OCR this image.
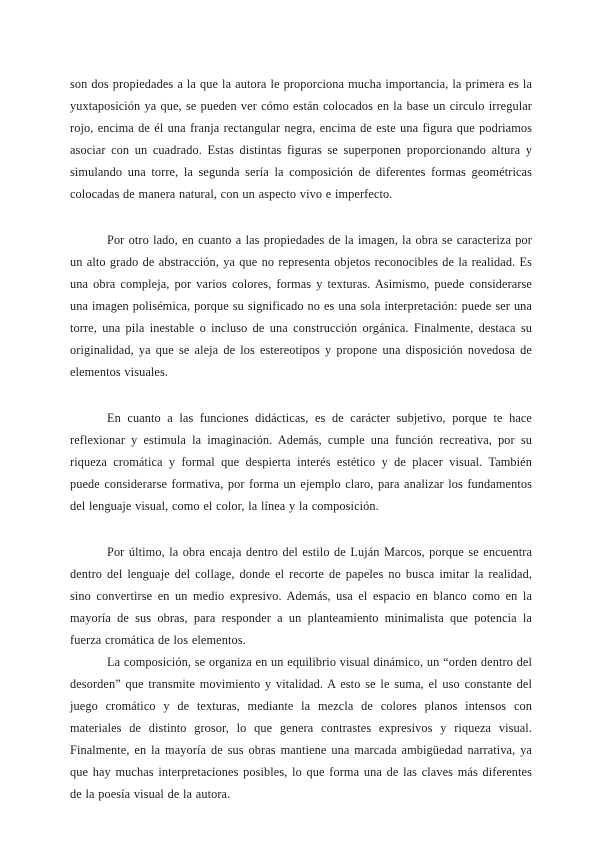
son dos propiedades a la que la autora le proporciona mucha importancia, la primera es la yuxtaposición ya que, se pueden ver cómo están colocados en la base un circulo irregular rojo, encima de él una franja rectangular negra, encima de este una figura que podriamos asociar con un cuadrado. Estas distintas figuras se superponen proporcionando altura y simulando una torre, la segunda sería la composición de diferentes formas geométricas colocadas de manera natural, con un aspecto vivo e imperfecto.

Por otro lado, en cuanto a las propiedades de la imagen, la obra se caracteriza por un alto grado de abstracción, ya que no representa objetos reconocibles de la realidad. Es una obra compleja, por varios colores, formas y texturas. Asimismo, puede considerarse una imagen polisémica, porque su significado no es una sola interpretación: puede ser una torre, una pila inestable o incluso de una construcción orgánica. Finalmente, destaca su originalidad, ya que se aleja de los estereotipos y propone una disposición novedosa de elementos visuales.

En cuanto a las funciones didácticas, es de carácter subjetivo, porque te hace reflexionar y estimula la imaginación. Además, cumple una función recreativa, por su riqueza cromática y formal que despierta interés estético y de placer visual. También puede considerarse formativa, por forma un ejemplo claro, para analizar los fundamentos del lenguaje visual, como el color, la línea y la composición.

Por último, la obra encaja dentro del estilo de Luján Marcos, porque se encuentra dentro del lenguaje del collage, donde el recorte de papeles no busca imitar la realidad, sino convertirse en un medio expresivo. Además, usa el espacio en blanco como en la mayoría de sus obras, para responder a un planteamiento minimalista que potencia la fuerza cromática de los elementos.

La composición, se organiza en un equilibrio visual dinámico, un “orden dentro del desorden” que transmite movimiento y vitalidad. A esto se le suma, el uso constante del juego cromático y de texturas, mediante la mezcla de colores planos intensos con materiales de distinto grosor, lo que genera contrastes expresivos y riqueza visual. Finalmente, en la mayoría de sus obras mantiene una marcada ambigüedad narrativa, ya que hay muchas interpretaciones posibles, lo que forma una de las claves más diferentes de la poesía visual de la autora.
